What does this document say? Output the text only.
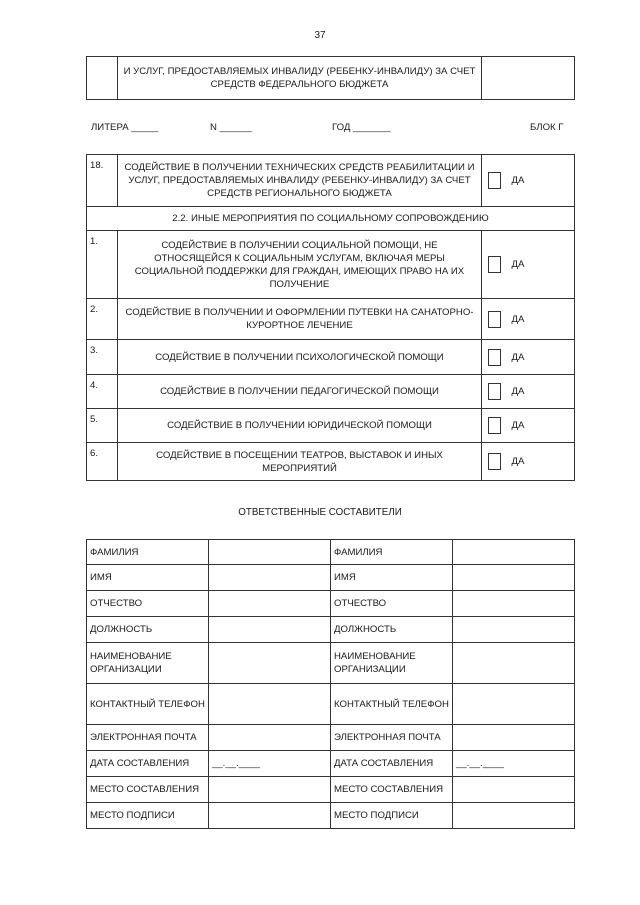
37
	И УСЛУГ, ПРЕДОСТАВЛЯЕМЫХ ИНВАЛИДУ (РЕБЕНКУ-ИНВАЛИДУ) ЗА СЧЕТ СРЕДСТВ ФЕДЕРАЛЬНОГО БЮДЖЕТА	
ЛИТЕРА _____	N ______	ГОД _______	БЛОК Г
18.	СОДЕЙСТВИЕ В ПОЛУЧЕНИИ ТЕХНИЧЕСКИХ СРЕДСТВ РЕАБИЛИТАЦИИ И УСЛУГ, ПРЕДОСТАВЛЯЕМЫХ ИНВАЛИДУ (РЕБЕНКУ-ИНВАЛИДУ) ЗА СЧЕТ СРЕДСТВ РЕГИОНАЛЬНОГО БЮДЖЕТА		ДА
2.2. ИНЫЕ МЕРОПРИЯТИЯ ПО СОЦИАЛЬНОМУ СОПРОВОЖДЕНИЮ			
1.	СОДЕЙСТВИЕ В ПОЛУЧЕНИИ СОЦИАЛЬНОЙ ПОМОЩИ, НЕ ОТНОСЯЩЕЙСЯ К СОЦИАЛЬНЫМ УСЛУГАМ, ВКЛЮЧАЯ МЕРЫ СОЦИАЛЬНОЙ ПОДДЕРЖКИ ДЛЯ ГРАЖДАН, ИМЕЮЩИХ ПРАВО НА ИХ ПОЛУЧЕНИЕ		ДА
2.	СОДЕЙСТВИЕ В ПОЛУЧЕНИИ И ОФОРМЛЕНИИ ПУТЕВКИ НА САНАТОРНО-КУРОРТНОЕ ЛЕЧЕНИЕ		ДА
3.	СОДЕЙСТВИЕ В ПОЛУЧЕНИИ ПСИХОЛОГИЧЕСКОЙ ПОМОЩИ		ДА
4.	СОДЕЙСТВИЕ В ПОЛУЧЕНИИ ПЕДАГОГИЧЕСКОЙ ПОМОЩИ		ДА
5.	СОДЕЙСТВИЕ В ПОЛУЧЕНИИ ЮРИДИЧЕСКОЙ ПОМОЩИ		ДА
6.	СОДЕЙСТВИЕ В ПОСЕЩЕНИИ ТЕАТРОВ, ВЫСТАВОК И ИНЫХ МЕРОПРИЯТИЙ		ДА
ОТВЕТСТВЕННЫЕ СОСТАВИТЕЛИ
ФАМИЛИЯ		ФАМИЛИЯ	
ИМЯ		ИМЯ	
ОТЧЕСТВО		ОТЧЕСТВО	
ДОЛЖНОСТЬ		ДОЛЖНОСТЬ	
НАИМЕНОВАНИЕ ОРГАНИЗАЦИИ		НАИМЕНОВАНИЕ ОРГАНИЗАЦИИ	
КОНТАКТНЫЙ ТЕЛЕФОН		КОНТАКТНЫЙ ТЕЛЕФОН	
ЭЛЕКТРОННАЯ ПОЧТА		ЭЛЕКТРОННАЯ ПОЧТА	
ДАТА СОСТАВЛЕНИЯ	__.__.____	ДАТА СОСТАВЛЕНИЯ	__.__.____
МЕСТО СОСТАВЛЕНИЯ		МЕСТО СОСТАВЛЕНИЯ	
МЕСТО ПОДПИСИ		МЕСТО ПОДПИСИ	
